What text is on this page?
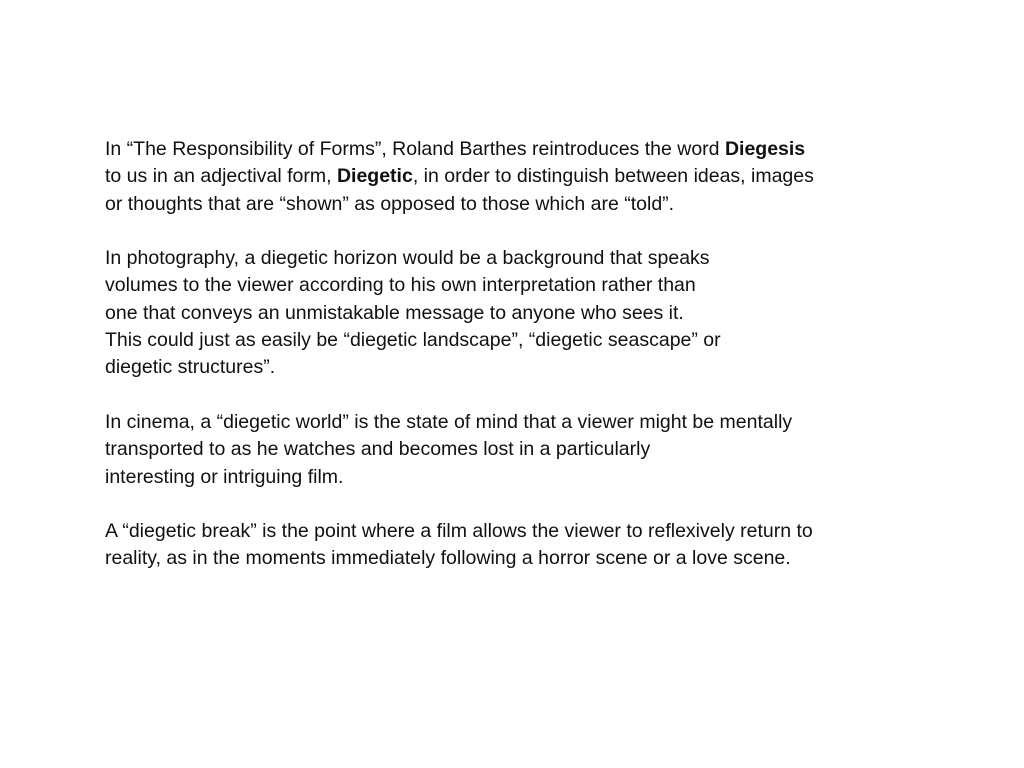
In “The Responsibility of Forms”, Roland Barthes reintroduces the word Diegesis
to us in an adjectival form, Diegetic, in order to distinguish between ideas, images
or thoughts that are “shown” as opposed to those which are “told”.

In photography, a diegetic horizon would be a background that speaks
volumes to the viewer according to his own interpretation rather than
one that conveys an unmistakable message to anyone who sees it.
This could just as easily be “diegetic landscape”, “diegetic seascape” or
diegetic structures”.

In cinema, a “diegetic world” is the state of mind that a viewer might be mentally
transported to as he watches and becomes lost in a particularly
interesting or intriguing film.

A “diegetic break” is the point where a film allows the viewer to reflexively return to
reality, as in the moments immediately following a horror scene or a love scene.
